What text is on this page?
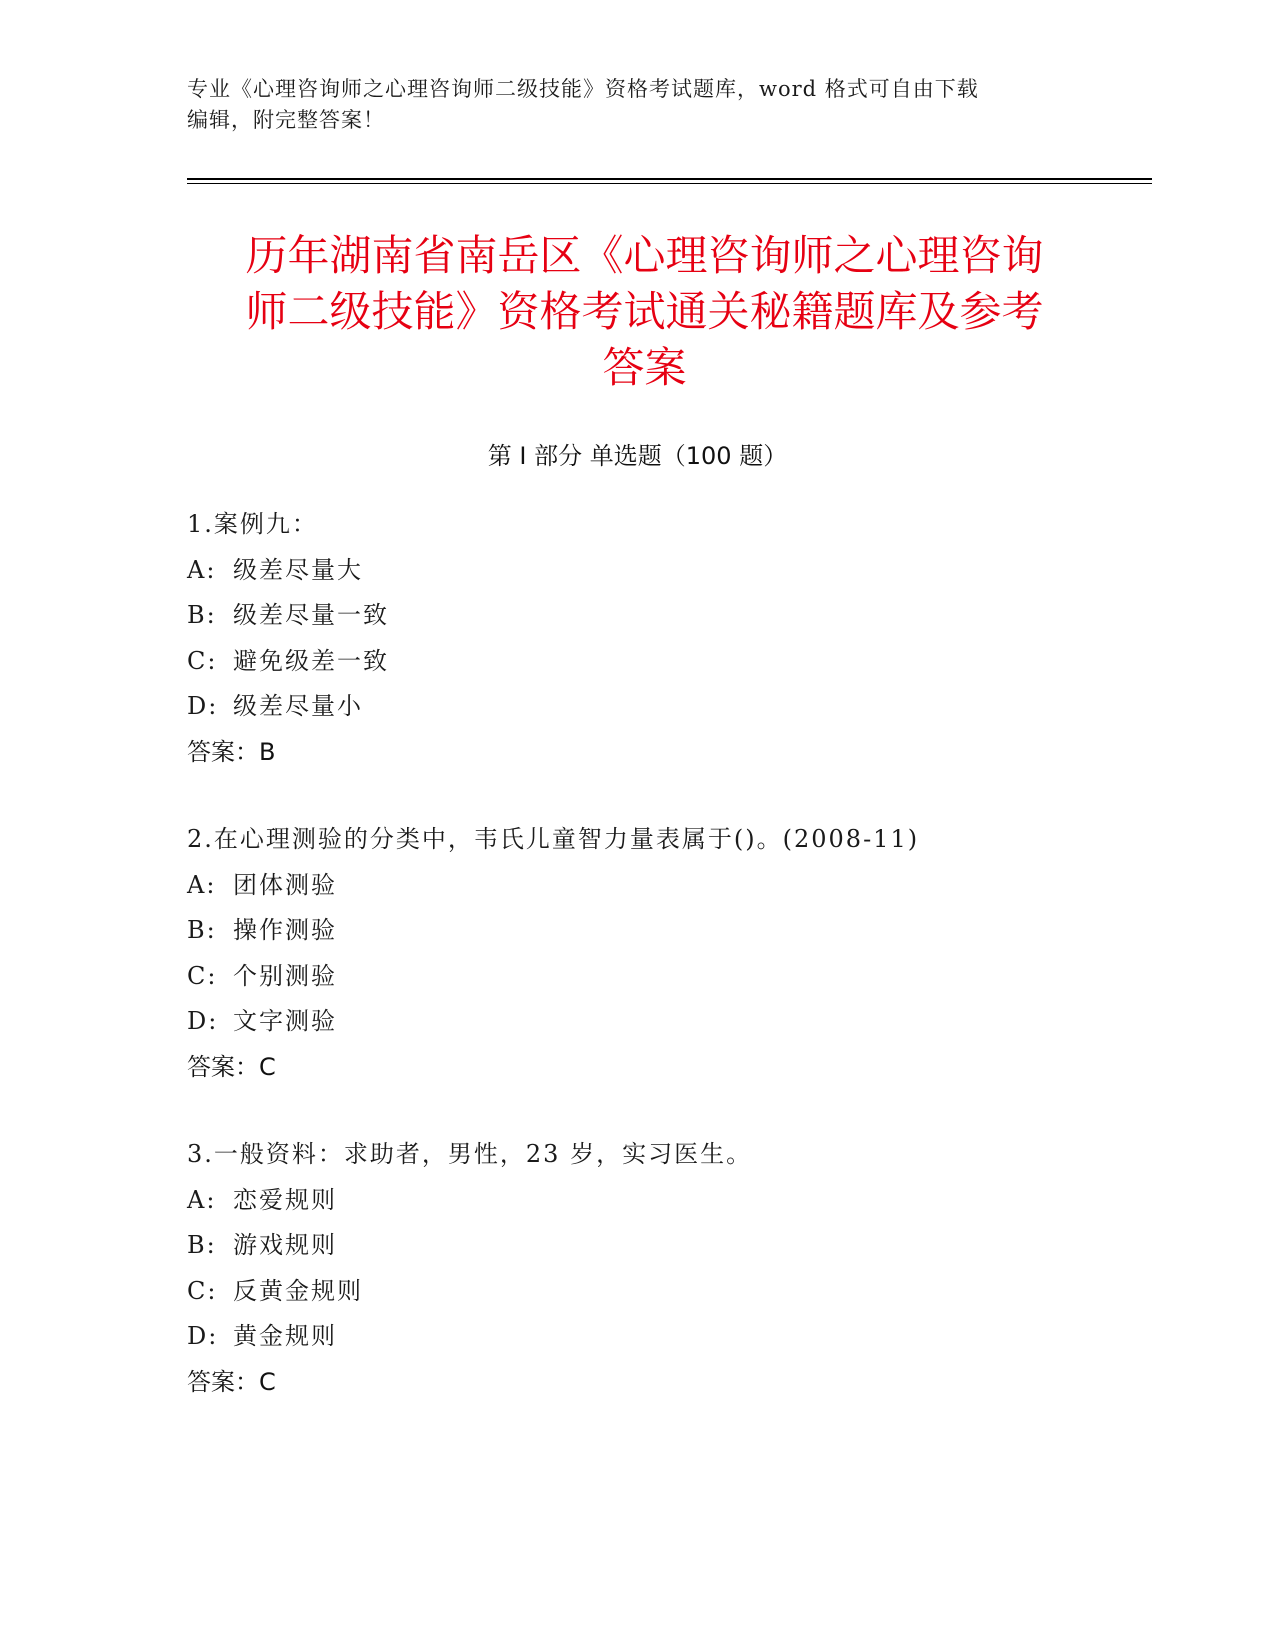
专业《心理咨询师之心理咨询师二级技能》资格考试题库，word 格式可自由下载
编辑，附完整答案！
历年湖南省南岳区《心理咨询师之心理咨询
师二级技能》资格考试通关秘籍题库及参考
答案
第 I 部分 单选题（100 题）
1.案例九：
A: 级差尽量大
B: 级差尽量一致
C: 避免级差一致
D: 级差尽量小
答案：B
2.在心理测验的分类中，韦氏儿童智力量表属于()。(2008-11)
A: 团体测验
B: 操作测验
C: 个别测验
D: 文字测验
答案：C
3.一般资料：求助者，男性，23 岁，实习医生。
A: 恋爱规则
B: 游戏规则
C: 反黄金规则
D: 黄金规则
答案：C
